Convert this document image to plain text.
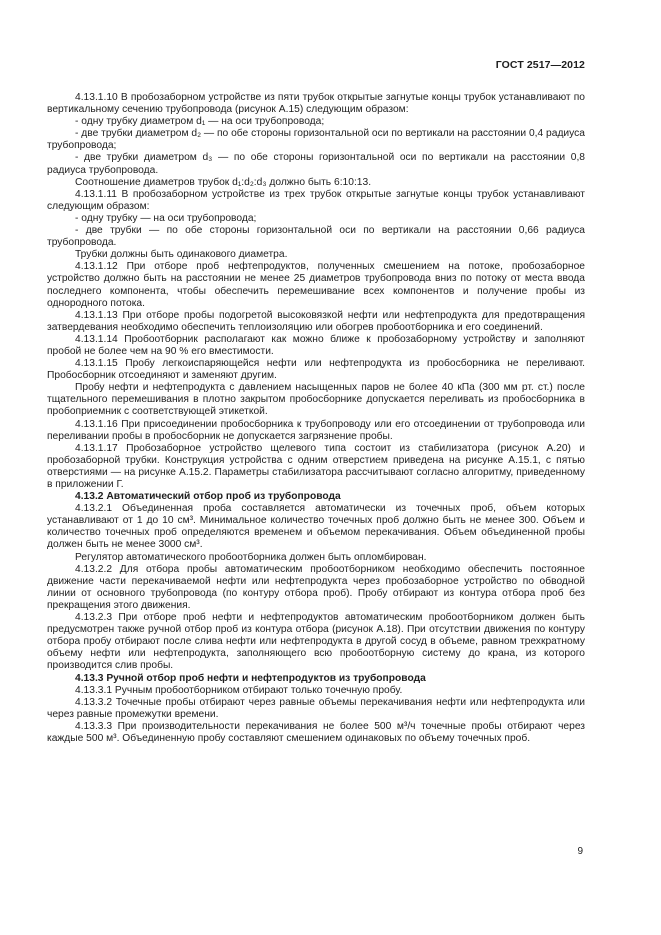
ГОСТ 2517—2012

4.13.1.10 В пробозаборном устройстве из пяти трубок открытые загнутые концы трубок устанавливают по вертикальному сечению трубопровода (рисунок А.15) следующим образом:

- одну трубку диаметром d₁ — на оси трубопровода;

- две трубки диаметром d₂ — по обе стороны горизонтальной оси по вертикали на расстоянии 0,4 радиуса трубопровода;

- две трубки диаметром d₃ — по обе стороны горизонтальной оси по вертикали на расстоянии 0,8 радиуса трубопровода.

Соотношение диаметров трубок d₁:d₂:d₃ должно быть 6:10:13.

4.13.1.11 В пробозаборном устройстве из трех трубок открытые загнутые концы трубок устанавливают следующим образом:

- одну трубку — на оси трубопровода;

- две трубки — по обе стороны горизонтальной оси по вертикали на расстоянии 0,66 радиуса трубопровода.

Трубки должны быть одинакового диаметра.

4.13.1.12 При отборе проб нефтепродуктов, полученных смешением на потоке, пробозаборное устройство должно быть на расстоянии не менее 25 диаметров трубопровода вниз по потоку от места ввода последнего компонента, чтобы обеспечить перемешивание всех компонентов и получение пробы из однородного потока.

4.13.1.13 При отборе пробы подогретой высоковязкой нефти или нефтепродукта для предотвращения затвердевания необходимо обеспечить теплоизоляцию или обогрев пробоотборника и его соединений.

4.13.1.14 Пробоотборник располагают как можно ближе к пробозаборному устройству и заполняют пробой не более чем на 90 % его вместимости.

4.13.1.15 Пробу легкоиспаряющейся нефти или нефтепродукта из пробосборника не переливают. Пробосборник отсоединяют и заменяют другим.

Пробу нефти и нефтепродукта с давлением насыщенных паров не более 40 кПа (300 мм рт. ст.) после тщательного перемешивания в плотно закрытом пробосборнике допускается переливать из пробосборника в пробоприемник с соответствующей этикеткой.

4.13.1.16 При присоединении пробосборника к трубопроводу или его отсоединении от трубопровода или переливании пробы в пробосборник не допускается загрязнение пробы.

4.13.1.17 Пробозаборное устройство щелевого типа состоит из стабилизатора (рисунок А.20) и пробозаборной трубки. Конструкция устройства с одним отверстием приведена на рисунке А.15.1, с пятью отверстиями — на рисунке А.15.2. Параметры стабилизатора рассчитывают согласно алгоритму, приведенному в приложении Г.

4.13.2 Автоматический отбор проб из трубопровода

4.13.2.1 Объединенная проба составляется автоматически из точечных проб, объем которых устанавливают от 1 до 10 см³. Минимальное количество точечных проб должно быть не менее 300. Объем и количество точечных проб определяются временем и объемом перекачивания. Объем объединенной пробы должен быть не менее 3000 см³.

Регулятор автоматического пробоотборника должен быть опломбирован.

4.13.2.2 Для отбора пробы автоматическим пробоотборником необходимо обеспечить постоянное движение части перекачиваемой нефти или нефтепродукта через пробозаборное устройство по обводной линии от основного трубопровода (по контуру отбора проб). Пробу отбирают из контура отбора проб без прекращения этого движения.

4.13.2.3 При отборе проб нефти и нефтепродуктов автоматическим пробоотборником должен быть предусмотрен также ручной отбор проб из контура отбора (рисунок А.18). При отсутствии движения по контуру отбора пробу отбирают после слива нефти или нефтепродукта в другой сосуд в объеме, равном трехкратному объему нефти или нефтепродукта, заполняющего всю пробоотборную систему до крана, из которого производится слив пробы.

4.13.3 Ручной отбор проб нефти и нефтепродуктов из трубопровода

4.13.3.1 Ручным пробоотборником отбирают только точечную пробу.

4.13.3.2 Точечные пробы отбирают через равные объемы перекачивания нефти или нефтепродукта или через равные промежутки времени.

4.13.3.3 При производительности перекачивания не более 500 м³/ч точечные пробы отбирают через каждые 500 м³. Объединенную пробу составляют смешением одинаковых по объему точечных проб.

9
